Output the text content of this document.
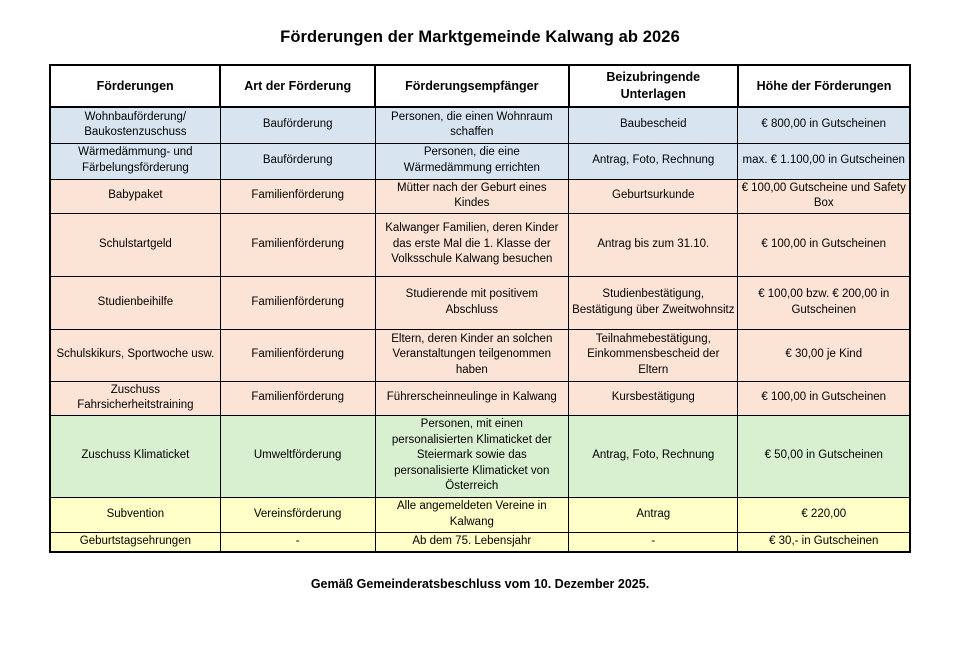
Förderungen der Marktgemeinde Kalwang ab 2026
Förderungen	Art der Förderung	Förderungsempfänger	Beizubringende Unterlagen	Höhe der Förderungen
Wohnbauförderung/ Baukostenzuschuss	Bauförderung	Personen, die einen Wohnraum schaffen	Baubescheid	€ 800,00 in Gutscheinen
Wärmedämmung- und Färbelungsförderung	Bauförderung	Personen, die eine Wärmedämmung errichten	Antrag, Foto, Rechnung	max. € 1.100,00 in Gutscheinen
Babypaket	Familienförderung	Mütter nach der Geburt eines Kindes	Geburtsurkunde	€ 100,00 Gutscheine und Safety Box
Schulstartgeld	Familienförderung	Kalwanger Familien, deren Kinder das erste Mal die 1. Klasse der Volksschule Kalwang besuchen	Antrag bis zum 31.10.	€ 100,00 in Gutscheinen
Studienbeihilfe	Familienförderung	Studierende mit positivem Abschluss	Studienbestätigung, Bestätigung über Zweitwohnsitz	€ 100,00 bzw. € 200,00 in Gutscheinen
Schulskikurs, Sportwoche usw.	Familienförderung	Eltern, deren Kinder an solchen Veranstaltungen teilgenommen haben	Teilnahmebestätigung, Einkommensbescheid der Eltern	€ 30,00 je Kind
Zuschuss Fahrsicherheitstraining	Familienförderung	Führerscheinneulinge in Kalwang	Kursbestätigung	€ 100,00 in Gutscheinen
Zuschuss Klimaticket	Umweltförderung	Personen, mit einen personalisierten Klimaticket der Steiermark sowie das personalisierte Klimaticket von Österreich	Antrag, Foto, Rechnung	€ 50,00 in Gutscheinen
Subvention	Vereinsförderung	Alle angemeldeten Vereine in Kalwang	Antrag	€ 220,00
Geburtstagsehrungen	-	Ab dem 75. Lebensjahr	-	€ 30,- in Gutscheinen

Gemäß Gemeinderatsbeschluss vom 10. Dezember 2025.
